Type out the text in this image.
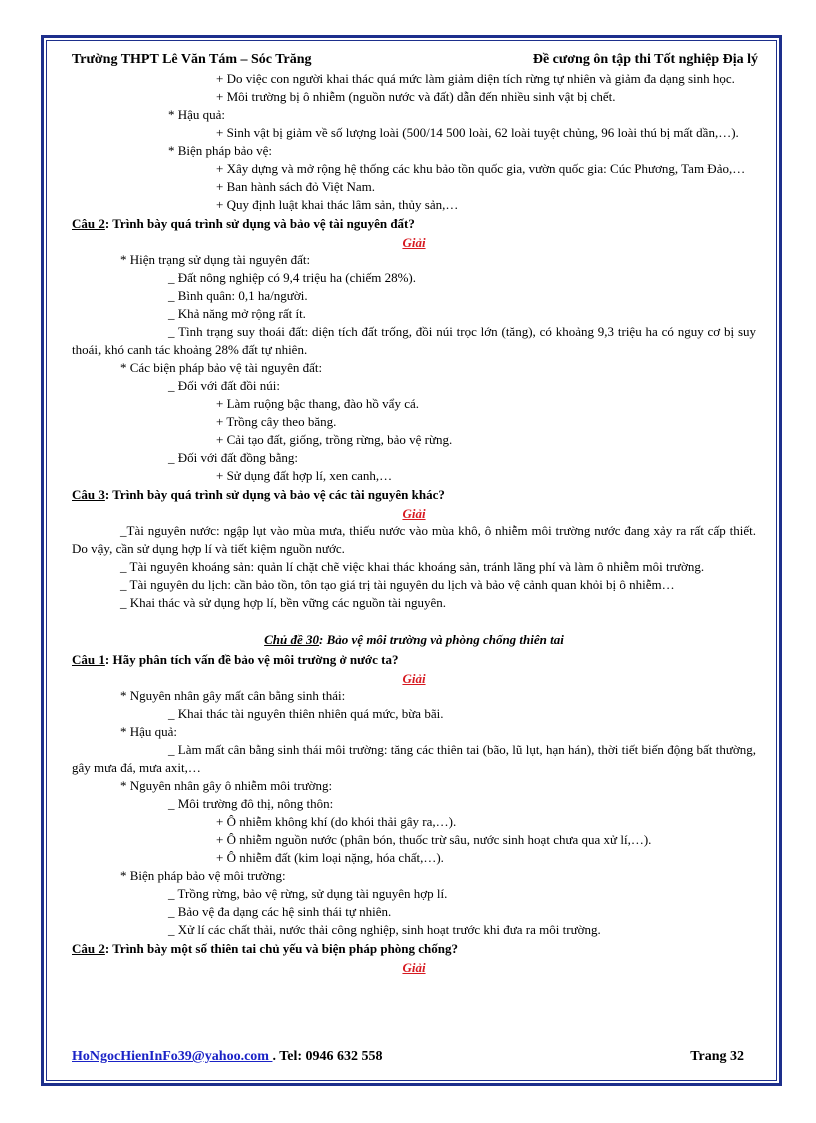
Trường THPT Lê Văn Tám – Sóc Trăng	Đề cương ôn tập thi Tốt nghiệp Địa lý
+ Do việc con người khai thác quá mức làm giảm diện tích rừng tự nhiên và giảm đa dạng sinh học.
+ Môi trường bị ô nhiễm (nguồn nước và đất) dẫn đến nhiều sinh vật bị chết.
* Hậu quả:
+ Sinh vật bị giảm về số lượng loài (500/14 500 loài, 62 loài tuyệt chủng, 96 loài thú bị mất dần,…).
* Biện pháp bảo vệ:
+ Xây dựng và mở rộng hệ thống các khu bảo tồn quốc gia, vườn quốc gia: Cúc Phương, Tam Đảo,…
+ Ban hành sách đỏ Việt Nam.
+ Quy định luật khai thác lâm sản, thủy sản,…
Câu 2: Trình bày quá trình sử dụng và bảo vệ tài nguyên đất?
Giải
* Hiện trạng sử dụng tài nguyên đất:
_ Đất nông nghiệp có 9,4 triệu ha (chiếm 28%).
_ Bình quân: 0,1 ha/người.
_ Khả năng mở rộng rất ít.
_ Tình trạng suy thoái đất: diện tích đất trống, đồi núi trọc lớn (tăng), có khoảng 9,3 triệu ha có nguy cơ bị suy thoái, khó canh tác khoảng 28% đất tự nhiên.
* Các biện pháp bảo vệ tài nguyên đất:
_ Đối với đất đồi núi:
+ Làm ruộng bậc thang, đào hồ vẩy cá.
+ Trồng cây theo băng.
+ Cải tạo đất, giống, trồng rừng, bảo vệ rừng.
_ Đối với đất đồng bằng:
+ Sử dụng đất hợp lí, xen canh,…
Câu 3: Trình bày quá trình sử dụng và bảo vệ các tài nguyên khác?
Giải
_Tài nguyên nước: ngập lụt vào mùa mưa, thiếu nước vào mùa khô, ô nhiễm môi trường nước đang xảy ra rất cấp thiết. Do vậy, cần sử dụng hợp lí và tiết kiệm nguồn nước.
_ Tài nguyên khoáng sản: quản lí chặt chẽ việc khai thác khoáng sản, tránh lãng phí và làm ô nhiễm môi trường.
_ Tài nguyên du lịch: cần bảo tồn, tôn tạo giá trị tài nguyên du lịch và bảo vệ cảnh quan khỏi bị ô nhiễm…
_ Khai thác và sử dụng hợp lí, bền vững các nguồn tài nguyên.
Chủ đề 30: Bảo vệ môi trường và phòng chống thiên tai
Câu 1: Hãy phân tích vấn đề bảo vệ môi trường ở nước ta?
Giải
* Nguyên nhân gây mất cân bằng sinh thái:
_ Khai thác tài nguyên thiên nhiên quá mức, bừa bãi.
* Hậu quả:
_ Làm mất cân bằng sinh thái môi trường: tăng các thiên tai (bão, lũ lụt, hạn hán), thời tiết biến động bất thường, gây mưa đá, mưa axit,…
* Nguyên nhân gây ô nhiễm môi trường:
_ Môi trường đô thị, nông thôn:
+ Ô nhiễm không khí (do khói thải gây ra,…).
+ Ô nhiễm nguồn nước (phân bón, thuốc trừ sâu, nước sinh hoạt chưa qua xử lí,…).
+ Ô nhiễm đất (kim loại nặng, hóa chất,…).
* Biện pháp bảo vệ môi trường:
_ Trồng rừng, bảo vệ rừng, sử dụng tài nguyên hợp lí.
_ Bảo vệ đa dạng các hệ sinh thái tự nhiên.
_ Xử lí các chất thải, nước thải công nghiệp, sinh hoạt trước khi đưa ra môi trường.
Câu 2: Trình bày một số thiên tai chủ yếu và biện pháp phòng chống?
Giải
HoNgocHienInFo39@yahoo.com . Tel: 0946 632 558	Trang 32
